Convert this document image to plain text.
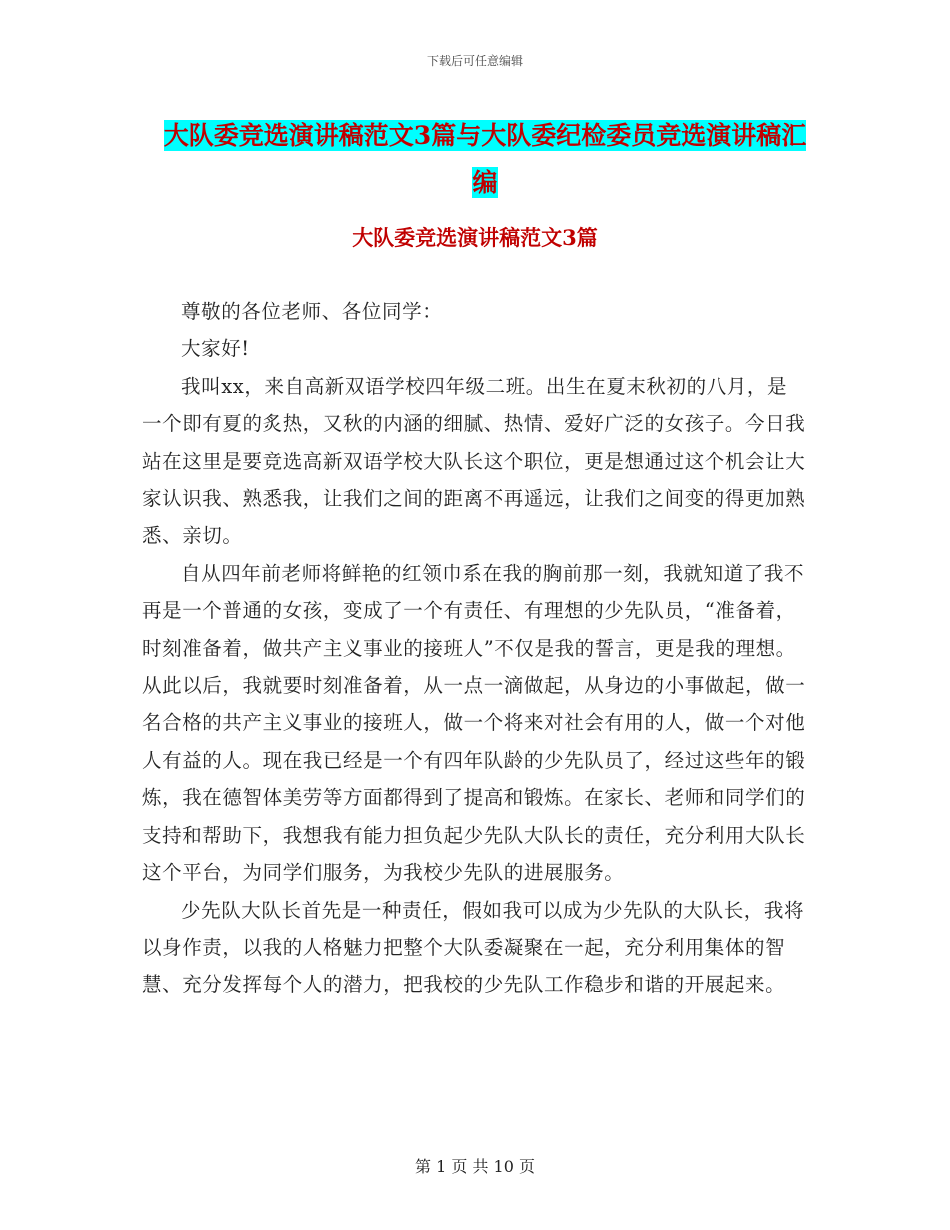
下载后可任意编辑
大队委竞选演讲稿范文3篇与大队委纪检委员竞选演讲稿汇编
大队委竞选演讲稿范文3篇

尊敬的各位老师、各位同学：

大家好!

我叫xx，来自高新双语学校四年级二班。出生在夏末秋初的八月，是一个即有夏的炙热，又秋的内涵的细腻、热情、爱好广泛的女孩子。今日我站在这里是要竞选高新双语学校大队长这个职位，更是想通过这个机会让大家认识我、熟悉我，让我们之间的距离不再遥远，让我们之间变的得更加熟悉、亲切。

自从四年前老师将鲜艳的红领巾系在我的胸前那一刻，我就知道了我不再是一个普通的女孩，变成了一个有责任、有理想的少先队员，“准备着，时刻准备着，做共产主义事业的接班人”不仅是我的誓言，更是我的理想。从此以后，我就要时刻准备着，从一点一滴做起，从身边的小事做起，做一名合格的共产主义事业的接班人，做一个将来对社会有用的人，做一个对他人有益的人。现在我已经是一个有四年队龄的少先队员了，经过这些年的锻炼，我在德智体美劳等方面都得到了提高和锻炼。在家长、老师和同学们的支持和帮助下，我想我有能力担负起少先队大队长的责任，充分利用大队长这个平台，为同学们服务，为我校少先队的进展服务。

少先队大队长首先是一种责任，假如我可以成为少先队的大队长，我将以身作责，以我的人格魅力把整个大队委凝聚在一起，充分利用集体的智慧、充分发挥每个人的潜力，把我校的少先队工作稳步和谐的开展起来。

第 1 页 共 10 页
